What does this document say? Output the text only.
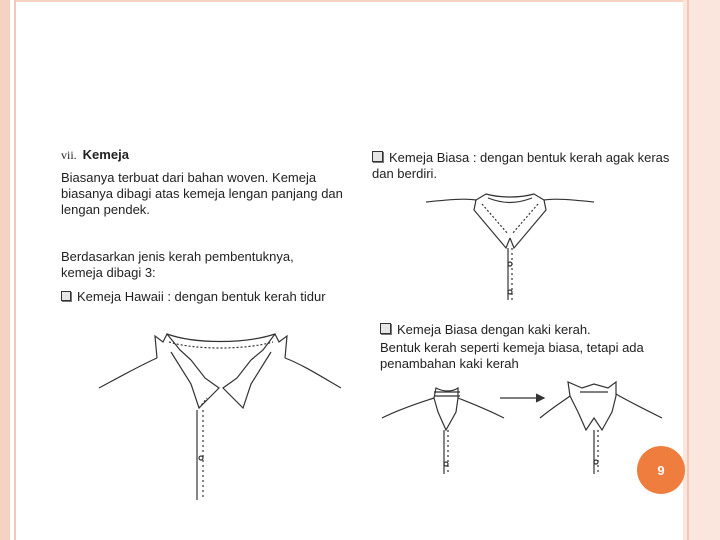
vii. Kemeja
Biasanya terbuat dari bahan woven. Kemeja biasanya dibagi atas kemeja lengan panjang dan lengan pendek.
Berdasarkan jenis kerah pembentuknya, kemeja dibagi 3:
Kemeja Hawaii : dengan bentuk kerah tidur
Kemeja Biasa : dengan bentuk kerah agak keras dan berdiri.
Kemeja Biasa dengan kaki kerah.
Bentuk kerah seperti kemeja biasa, tetapi ada penambahan kaki kerah
9
